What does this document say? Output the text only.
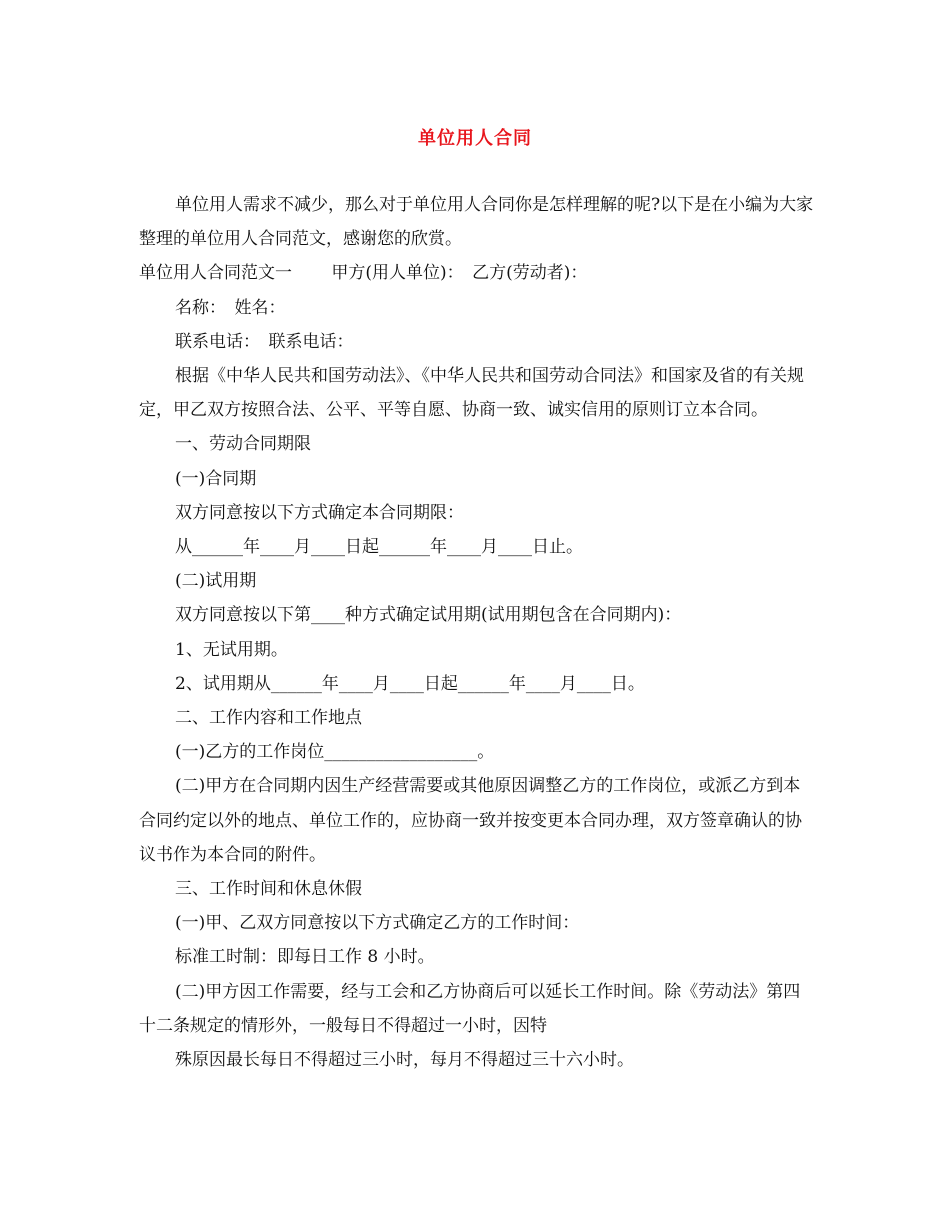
单位用人合同

单位用人需求不减少，那么对于单位用人合同你是怎样理解的呢?以下是在小编为大家整理的单位用人合同范文，感谢您的欣赏。

单位用人合同范文一　　 甲方(用人单位)：　乙方(劳动者)：

名称：　姓名：

联系电话：　联系电话：

根据《中华人民共和国劳动法》、《中华人民共和国劳动合同法》和国家及省的有关规定，甲乙双方按照合法、公平、平等自愿、协商一致、诚实信用的原则订立本合同。

一、劳动合同期限

(一)合同期

双方同意按以下方式确定本合同期限：

从______年____月____日起______年____月____日止。

(二)试用期

双方同意按以下第____种方式确定试用期(试用期包含在合同期内)：

1、无试用期。

2、试用期从______年____月____日起______年____月____日。

二、工作内容和工作地点

(一)乙方的工作岗位__________________。

(二)甲方在合同期内因生产经营需要或其他原因调整乙方的工作岗位，或派乙方到本合同约定以外的地点、单位工作的，应协商一致并按变更本合同办理，双方签章确认的协议书作为本合同的附件。

三、工作时间和休息休假

(一)甲、乙双方同意按以下方式确定乙方的工作时间：

标准工时制：即每日工作 8 小时。

(二)甲方因工作需要，经与工会和乙方协商后可以延长工作时间。除《劳动法》第四十二条规定的情形外，一般每日不得超过一小时，因特

殊原因最长每日不得超过三小时，每月不得超过三十六小时。
